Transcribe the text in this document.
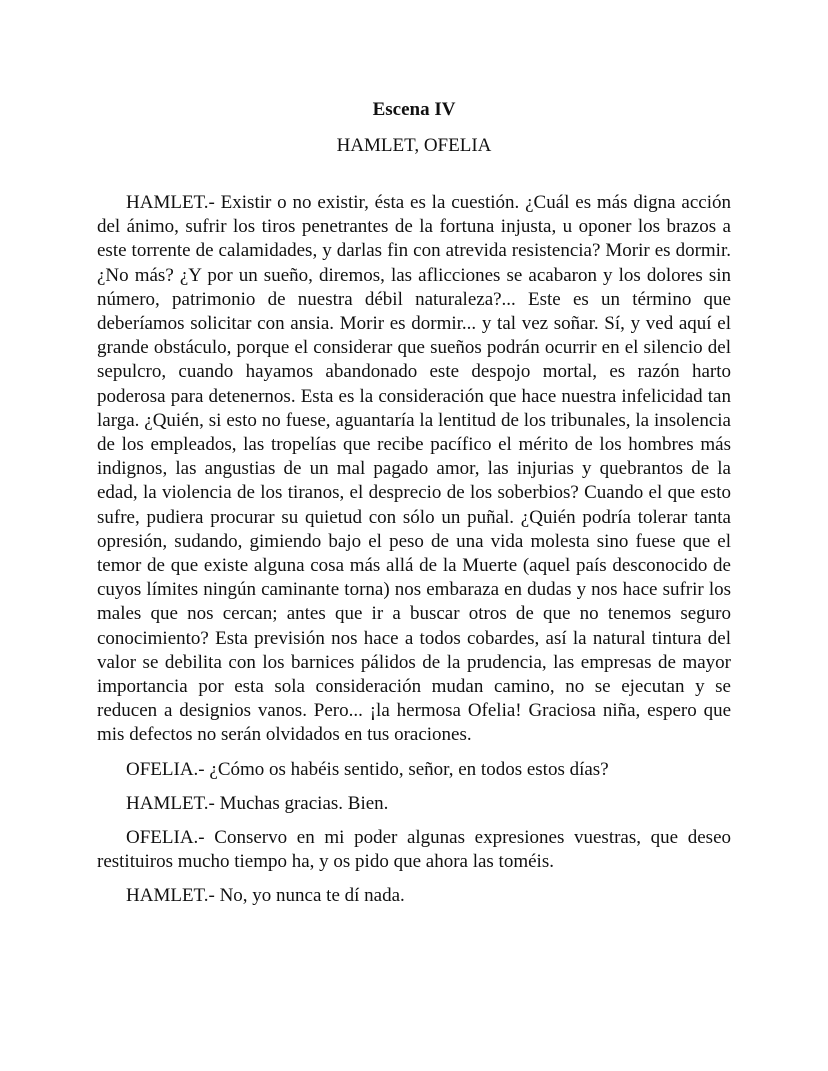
Escena IV

HAMLET, OFELIA

HAMLET.- Existir o no existir, ésta es la cuestión. ¿Cuál es más digna acción del ánimo, sufrir los tiros penetrantes de la fortuna injusta, u oponer los brazos a este torrente de calamidades, y darlas fin con atrevida resistencia? Morir es dormir. ¿No más? ¿Y por un sueño, diremos, las aflicciones se acabaron y los dolores sin número, patrimonio de nuestra débil naturaleza?... Este es un término que deberíamos solicitar con ansia. Morir es dormir... y tal vez soñar. Sí, y ved aquí el grande obstáculo, porque el considerar que sueños podrán ocurrir en el silencio del sepulcro, cuando hayamos abandonado este despojo mortal, es razón harto poderosa para detenernos. Esta es la consideración que hace nuestra infelicidad tan larga. ¿Quién, si esto no fuese, aguantaría la lentitud de los tribunales, la insolencia de los empleados, las tropelías que recibe pacífico el mérito de los hombres más indignos, las angustias de un mal pagado amor, las injurias y quebrantos de la edad, la violencia de los tiranos, el desprecio de los soberbios? Cuando el que esto sufre, pudiera procurar su quietud con sólo un puñal. ¿Quién podría tolerar tanta opresión, sudando, gimiendo bajo el peso de una vida molesta sino fuese que el temor de que existe alguna cosa más allá de la Muerte (aquel país desconocido de cuyos límites ningún caminante torna) nos embaraza en dudas y nos hace sufrir los males que nos cercan; antes que ir a buscar otros de que no tenemos seguro conocimiento? Esta previsión nos hace a todos cobardes, así la natural tintura del valor se debilita con los barnices pálidos de la prudencia, las empresas de mayor importancia por esta sola consideración mudan camino, no se ejecutan y se reducen a designios vanos. Pero... ¡la hermosa Ofelia! Graciosa niña, espero que mis defectos no serán olvidados en tus oraciones.

OFELIA.- ¿Cómo os habéis sentido, señor, en todos estos días?

HAMLET.- Muchas gracias. Bien.

OFELIA.- Conservo en mi poder algunas expresiones vuestras, que deseo restituiros mucho tiempo ha, y os pido que ahora las toméis.

HAMLET.- No, yo nunca te dí nada.
